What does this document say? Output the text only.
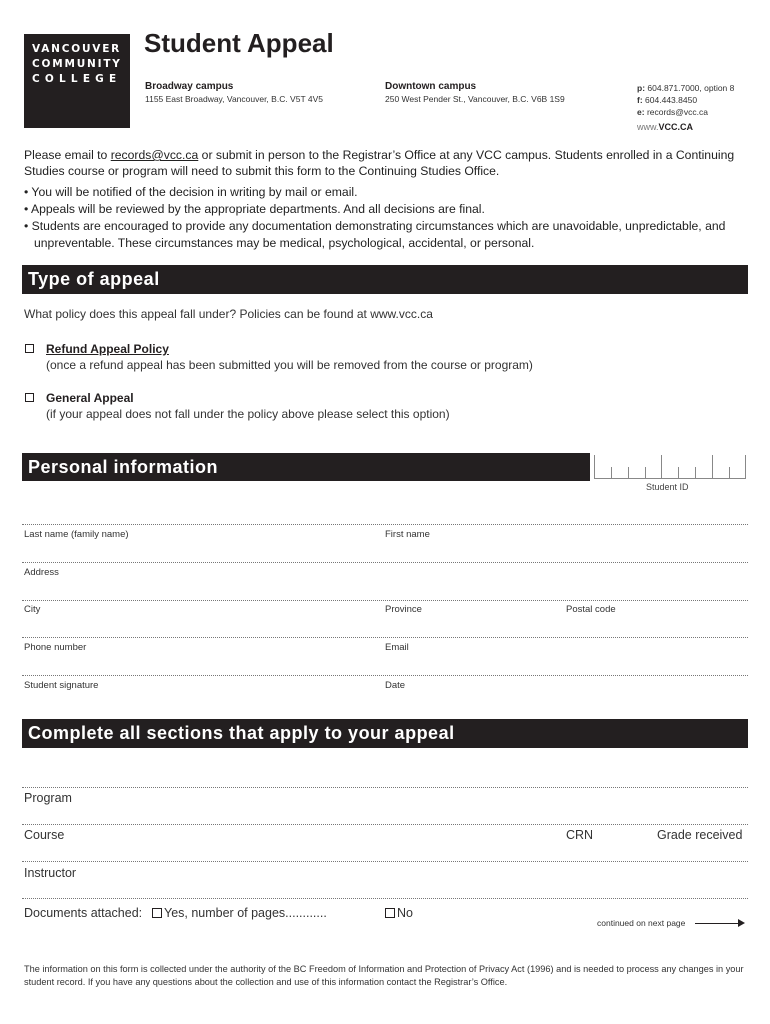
VANCOUVER
COMMUNITY
COLLEGE
Student Appeal
Broadway campus
1155 East Broadway, Vancouver, B.C. V5T 4V5
Downtown campus
250 West Pender St., Vancouver, B.C. V6B 1S9
p: 604.871.7000, option 8
f: 604.443.8450
e: records@vcc.ca
www.VCC.CA
Please email to records@vcc.ca or submit in person to the Registrar’s Office at any VCC campus. Students enrolled in a Continuing Studies course or program will need to submit this form to the Continuing Studies Office.
• You will be notified of the decision in writing by mail or email.
• Appeals will be reviewed by the appropriate departments. And all decisions are final.
• Students are encouraged to provide any documentation demonstrating circumstances which are unavoidable, unpredictable, and unpreventable. These circumstances may be medical, psychological, accidental, or personal.
Type of appeal
What policy does this appeal fall under? Policies can be found at www.vcc.ca
Refund Appeal Policy
(once a refund appeal has been submitted you will be removed from the course or program)
General Appeal
(if your appeal does not fall under the policy above please select this option)
Personal information
Student ID
Last name (family name)	First name
Address
City	Province	Postal code
Phone number	Email
Student signature	Date
Complete all sections that apply to your appeal
Program
Course	CRN	Grade received
Instructor
Documents attached: Yes, number of pages............	No
continued on next page
The information on this form is collected under the authority of the BC Freedom of Information and Protection of Privacy Act (1996) and is needed to process any changes in your student record. If you have any questions about the collection and use of this information contact the Registrar’s Office.
